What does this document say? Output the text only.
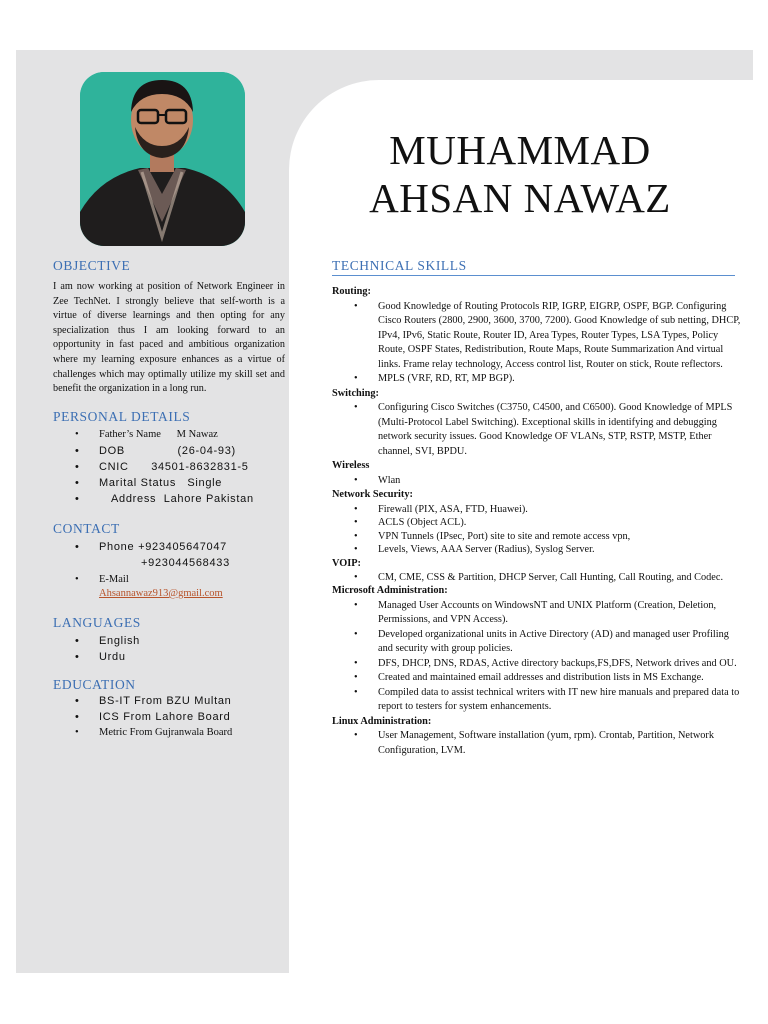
MUHAMMAD
AHSAN NAWAZ
OBJECTIVE

I am now working at position of Network Engineer in Zee TechNet. I strongly believe that self-worth is a virtue of diverse learnings and then opting for any specialization thus I am looking forward to an opportunity in fast paced and ambitious organization where my learning exposure enhances as a virtue of challenges which may optimally utilize my skill set and benefit the organization in a long run.

PERSONAL DETAILS
• Father’s Name      M Nawaz
• DOB              (26-04-93)
• CNIC      34501-8632831-5
• Marital Status   Single
• Address  Lahore Pakistan
CONTACT
• Phone +923405647047
+923044568433
• E-Mail
Ahsannawaz913@gmail.com
LANGUAGES
• English
• Urdu
EDUCATION
• BS-IT From BZU Multan
• ICS From Lahore Board
• Metric From Gujranwala Board
TECHNICAL SKILLS

Routing:

• Good Knowledge of Routing Protocols RIP, IGRP, EIGRP, OSPF, BGP. Configuring Cisco Routers (2800, 2900, 3600, 3700, 7200). Good Knowledge of sub netting, DHCP, IPv4, IPv6, Static Route, Router ID, Area Types, Router Types, LSA Types, Policy Route, OSPF States, Redistribution, Route Maps, Route Summarization And virtual links. Frame relay technology, Access control list, Router on stick, Route reflectors.
• MPLS (VRF, RD, RT, MP BGP).

Switching:

• Configuring Cisco Switches (C3750, C4500, and C6500). Good Knowledge of MPLS (Multi-Protocol Label Switching). Exceptional skills in identifying and debugging network security issues. Good Knowledge OF VLANs, STP, RSTP, MSTP, Ether channel, SVI, BPDU.

Wireless

• Wlan

Network Security:

• Firewall (PIX, ASA, FTD, Huawei).
• ACLS (Object ACL).
• VPN Tunnels (IPsec, Port) site to site and remote access vpn,
• Levels, Views, AAA Server (Radius), Syslog Server.

VOIP:

• CM, CME, CSS & Partition, DHCP Server, Call Hunting, Call Routing, and Codec.

Microsoft Administration:

• Managed User Accounts on WindowsNT and UNIX Platform (Creation, Deletion, Permissions, and VPN Access).
• Developed organizational units in Active Directory (AD) and managed user Profiling and security with group policies.
• DFS, DHCP, DNS, RDAS, Active directory backups,FS,DFS, Network drives and OU.
• Created and maintained email addresses and distribution lists in MS Exchange.
• Compiled data to assist technical writers with IT new hire manuals and prepared data to report to testers for system enhancements.

Linux Administration:

• User Management, Software installation (yum, rpm). Crontab, Partition, Network Configuration, LVM.
